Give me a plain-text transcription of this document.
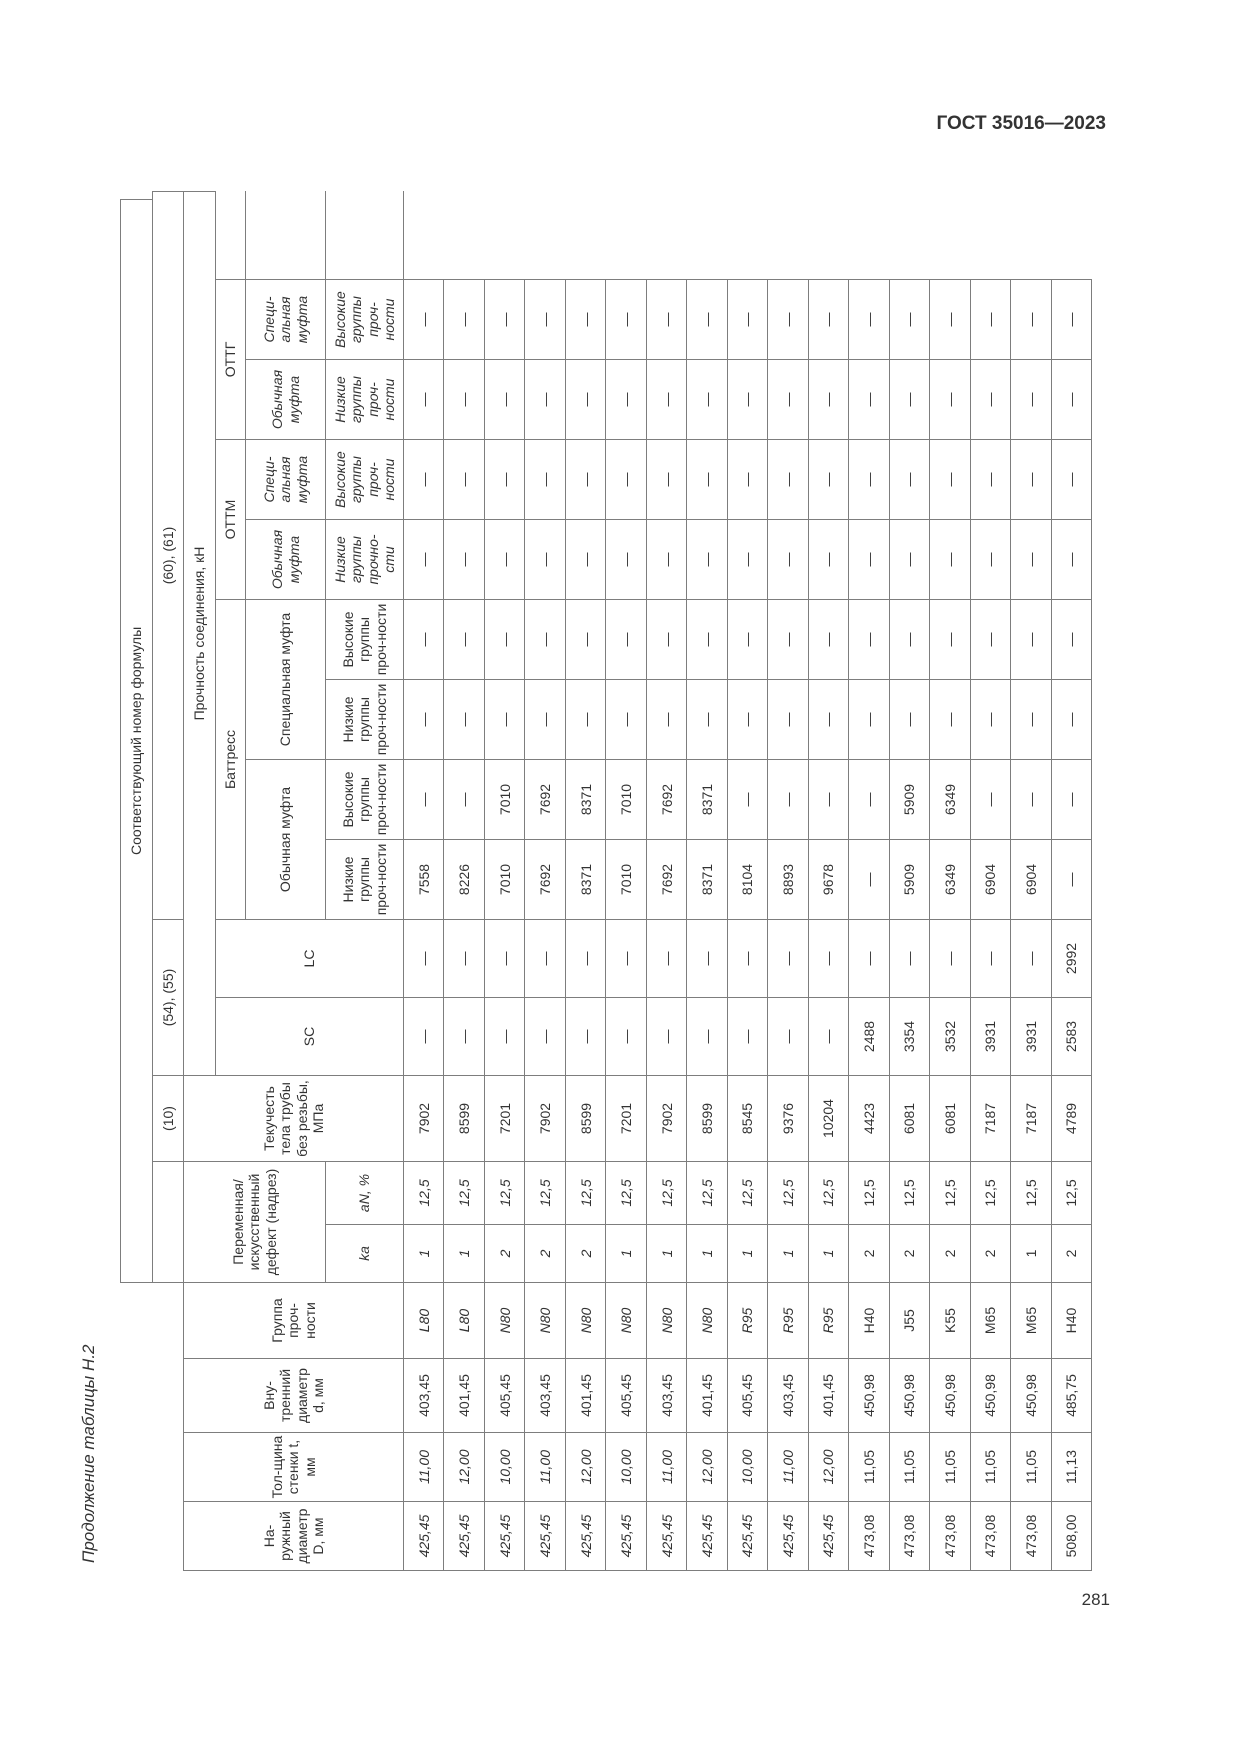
ГОСТ 35016—2023
Продолжение таблицы Н.2
				Соответствующий номер формулы													
						(10)	(54), (55)		(60), (61)								
На-ружный диаметр D, мм	Тол-щина стенки t, мм	Вну-тренний диаметр d, мм	Группа проч-ности	Переменная/искусственный дефект (надрез)		Текучесть тела трубы без резьбы, МПа	Прочность соединения, кН										
							SC	LC	Баттресс				ОТТМ		ОТТГ		
									Обычная муфта		Специальная муфта		Обычная муфта	Специ-альная муфта	Обычная муфта	Специ-альная муфта	
				ka	aN, %				Низкие группы проч-ности	Высокие группы проч-ности	Низкие группы проч-ности	Высокие группы проч-ности	Низкие группы прочно-сти	Высокие группы проч-ности	Низкие группы проч-ности	Высокие группы проч-ности	
425,45	11,00	403,45	L80	1	12,5	7902	—	—	7558	—	—	—	—	—	—	—	
425,45	12,00	401,45	L80	1	12,5	8599	—	—	8226	—	—	—	—	—	—	—	
425,45	10,00	405,45	N80	2	12,5	7201	—	—	7010	7010	—	—	—	—	—	—	
425,45	11,00	403,45	N80	2	12,5	7902	—	—	7692	7692	—	—	—	—	—	—	
425,45	12,00	401,45	N80	2	12,5	8599	—	—	8371	8371	—	—	—	—	—	—	
425,45	10,00	405,45	N80	1	12,5	7201	—	—	7010	7010	—	—	—	—	—	—	
425,45	11,00	403,45	N80	1	12,5	7902	—	—	7692	7692	—	—	—	—	—	—	
425,45	12,00	401,45	N80	1	12,5	8599	—	—	8371	8371	—	—	—	—	—	—	
425,45	10,00	405,45	R95	1	12,5	8545	—	—	8104	—	—	—	—	—	—	—	
425,45	11,00	403,45	R95	1	12,5	9376	—	—	8893	—	—	—	—	—	—	—	
425,45	12,00	401,45	R95	1	12,5	10204	—	—	9678	—	—	—	—	—	—	—	
473,08	11,05	450,98	H40	2	12,5	4423	2488	—	—	—	—	—	—	—	—	—	
473,08	11,05	450,98	J55	2	12,5	6081	3354	—	5909	5909	—	—	—	—	—	—	
473,08	11,05	450,98	K55	2	12,5	6081	3532	—	6349	6349	—	—	—	—	—	—	
473,08	11,05	450,98	M65	2	12,5	7187	3931	—	6904	—	—	—	—	—	—	—	
473,08	11,05	450,98	M65	1	12,5	7187	3931	—	6904	—	—	—	—	—	—	—	
508,00	11,13	485,75	H40	2	12,5	4789	2583	2992	—	—	—	—	—	—	—	—	
281
